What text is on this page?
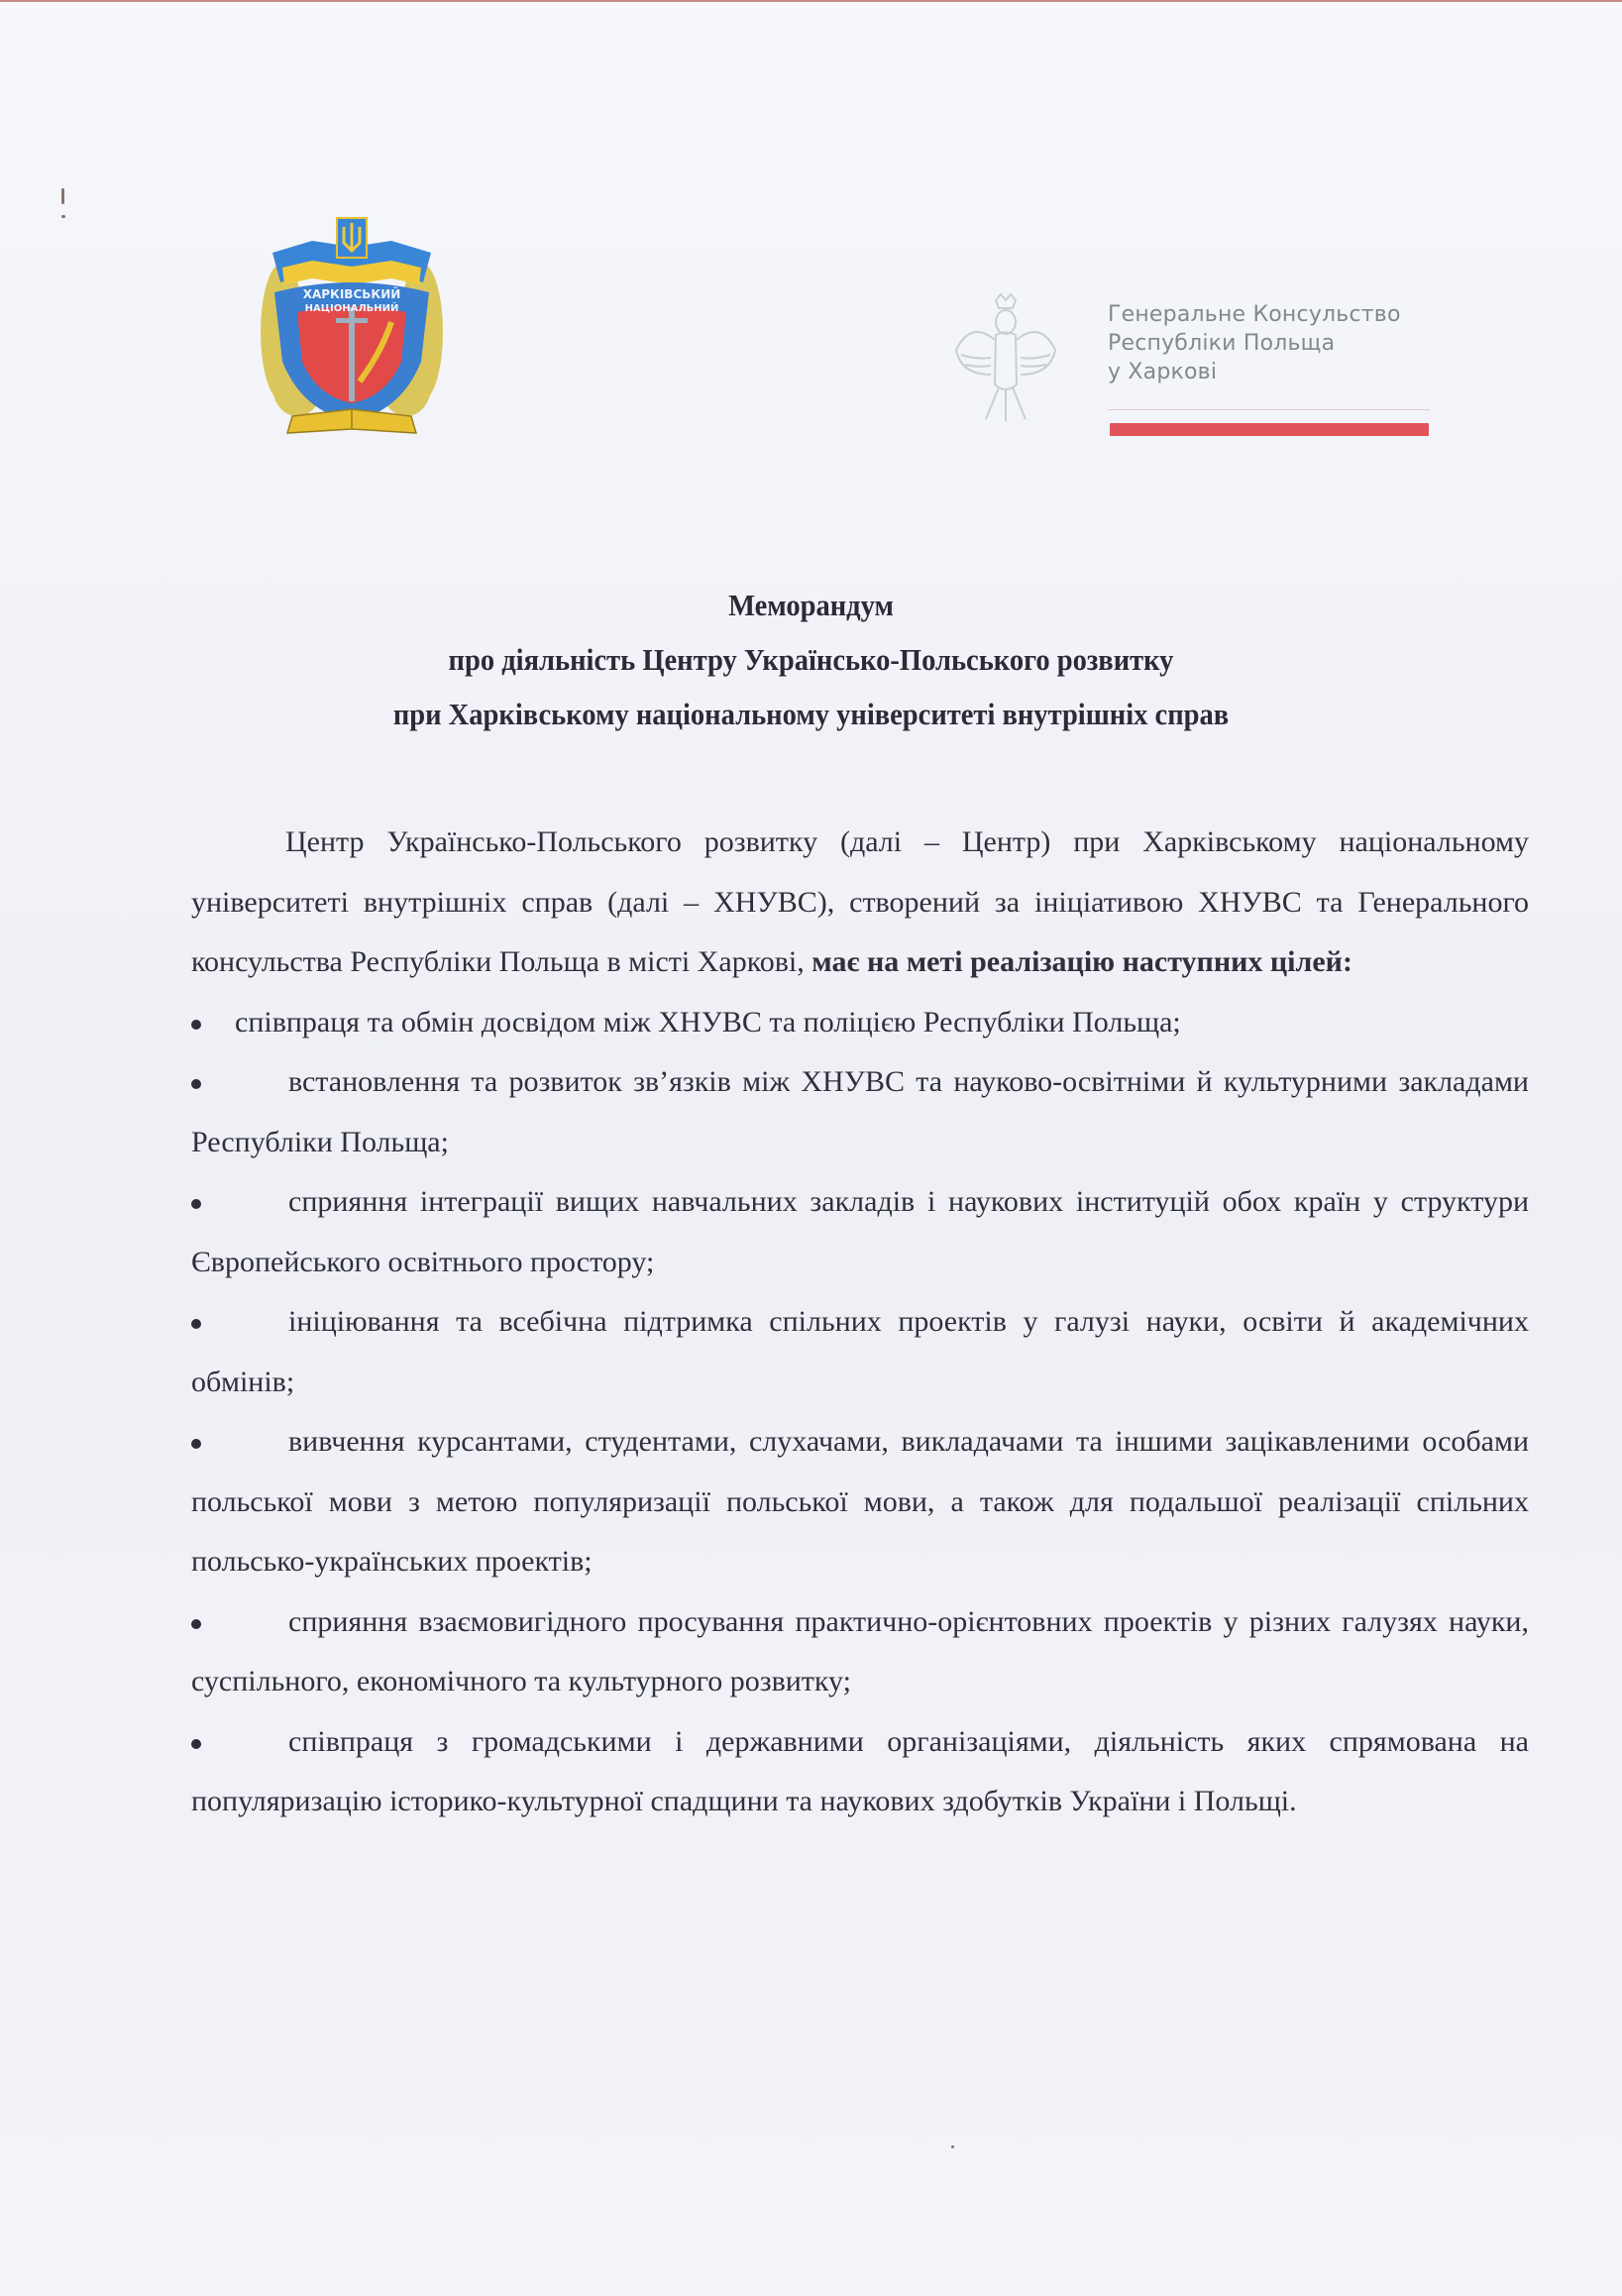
ХАРКІВСЬКИЙ
НАЦІОНАЛЬНИЙ	Генеральне Консульство
Республіки Польща
у Харкові
Меморандум
про діяльність Центру Українсько-Польського розвитку
при Харківському національному університеті внутрішніх справ
Центр Українсько-Польського розвитку (далі – Центр) при Харківському національному університеті внутрішніх справ (далі – ХНУВС), створений за ініціативою ХНУВС та Генерального консульства Республіки Польща в місті Харкові, має на меті реалізацію наступних цілей:
співпраця та обмін досвідом між ХНУВС та поліцією Республіки Польща;
встановлення та розвиток зв’язків між ХНУВС та науково-освітніми й культурними закладами Республіки Польща;
сприяння інтеграції вищих навчальних закладів і наукових інституцій обох країн у структури Європейського освітнього простору;
ініціювання та всебічна підтримка спільних проектів у галузі науки, освіти й академічних обмінів;
вивчення курсантами, студентами, слухачами, викладачами та іншими зацікавленими особами польської мови з метою популяризації польської мови, а також для подальшої реалізації спільних польсько-українських проектів;
сприяння взаємовигідного просування практично-орієнтовних проектів у різних галузях науки, суспільного, економічного та культурного розвитку;
співпраця з громадськими і державними організаціями, діяльність яких спрямована на популяризацію історико-культурної спадщини та наукових здобутків України і Польщі.
